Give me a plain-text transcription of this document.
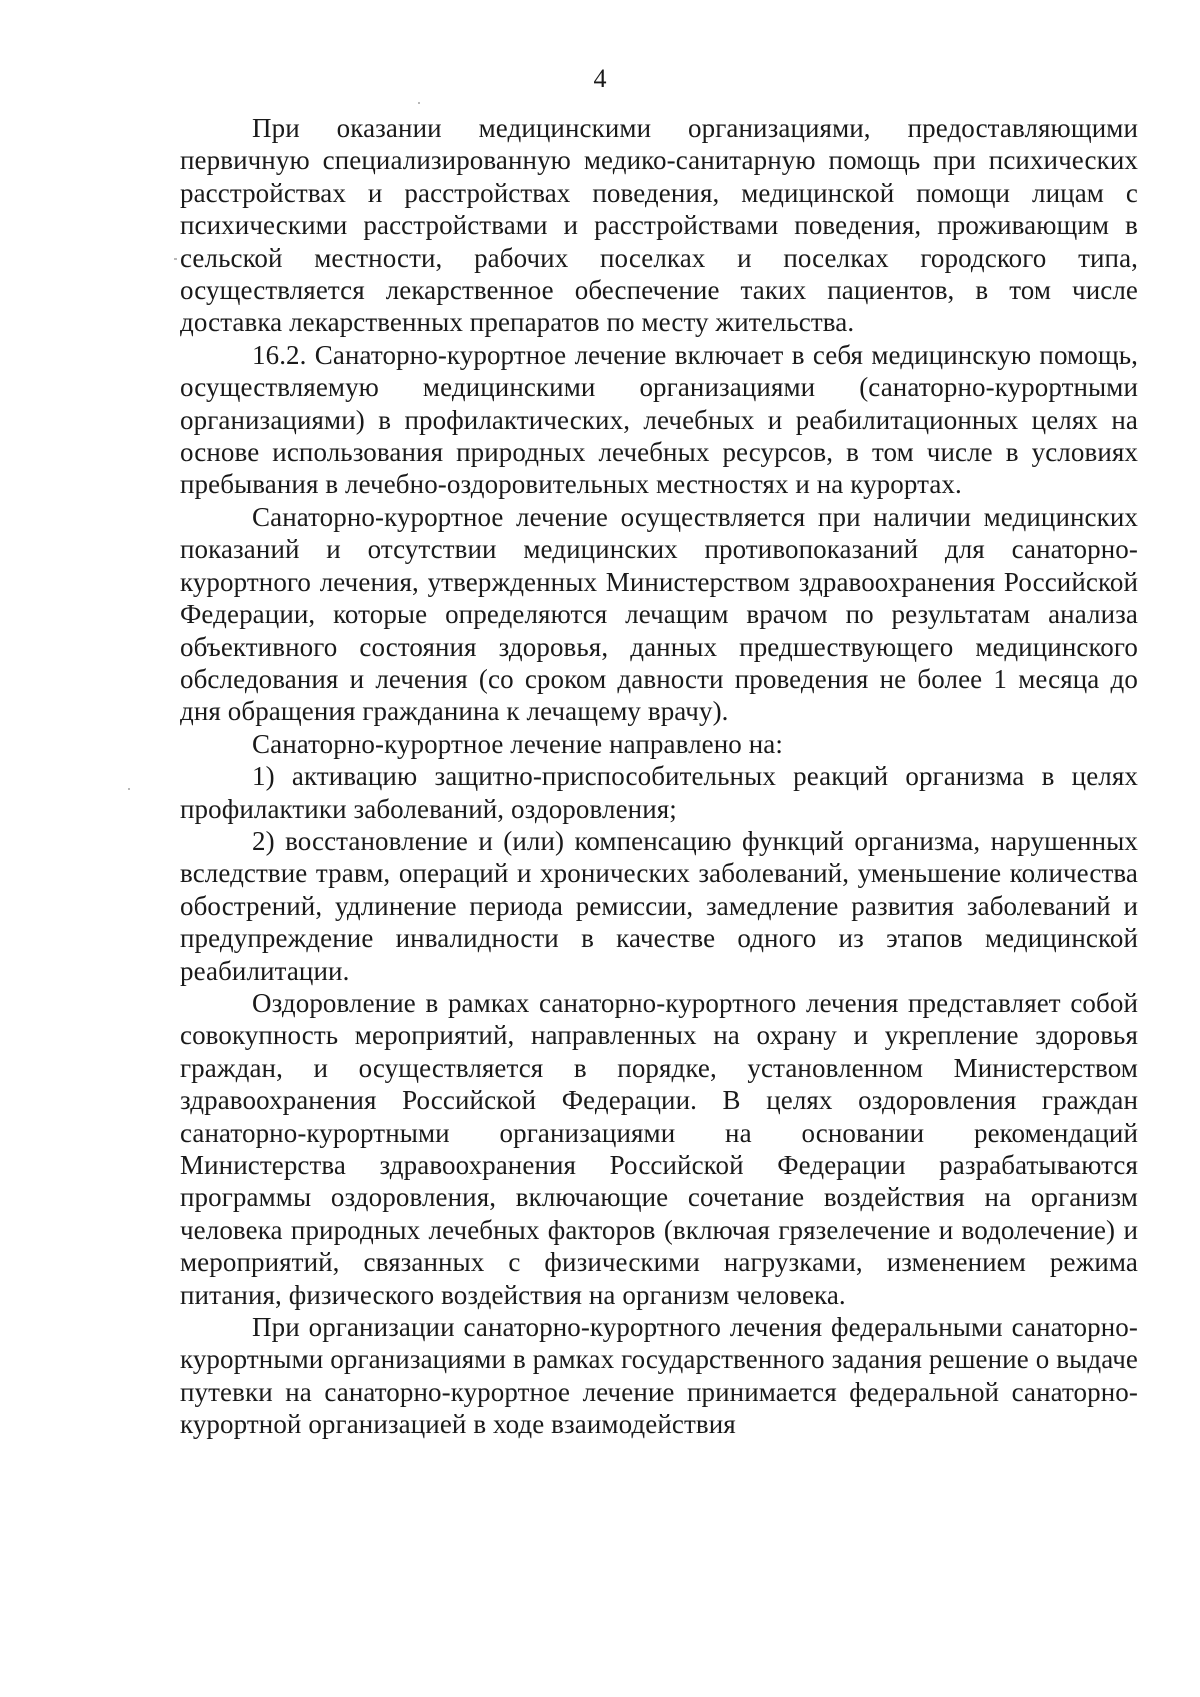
4

При оказании медицинскими организациями, предоставляющими первичную специализированную медико-санитарную помощь при психических расстройствах и расстройствах поведения, медицинской помощи лицам с психическими расстройствами и расстройствами поведения, проживающим в сельской местности, рабочих поселках и поселках городского типа, осуществляется лекарственное обеспечение таких пациентов, в том числе доставка лекарственных препаратов по месту жительства.

16.2. Санаторно-курортное лечение включает в себя медицинскую помощь, осуществляемую медицинскими организациями (санаторно-курортными организациями) в профилактических, лечебных и реабилитационных целях на основе использования природных лечебных ресурсов, в том числе в условиях пребывания в лечебно-оздоровительных местностях и на курортах.

Санаторно-курортное лечение осуществляется при наличии медицинских показаний и отсутствии медицинских противопоказаний для санаторно-курортного лечения, утвержденных Министерством здравоохранения Российской Федерации, которые определяются лечащим врачом по результатам анализа объективного состояния здоровья, данных предшествующего медицинского обследования и лечения (со сроком давности проведения не более 1 месяца до дня обращения гражданина к лечащему врачу).

Санаторно-курортное лечение направлено на:

1) активацию защитно-приспособительных реакций организма в целях профилактики заболеваний, оздоровления;

2) восстановление и (или) компенсацию функций организма, нарушенных вследствие травм, операций и хронических заболеваний, уменьшение количества обострений, удлинение периода ремиссии, замедление развития заболеваний и предупреждение инвалидности в качестве одного из этапов медицинской реабилитации.

Оздоровление в рамках санаторно-курортного лечения представляет собой совокупность мероприятий, направленных на охрану и укрепление здоровья граждан, и осуществляется в порядке, установленном Министерством здравоохранения Российской Федерации. В целях оздоровления граждан санаторно-курортными организациями на основании рекомендаций Министерства здравоохранения Российской Федерации разрабатываются программы оздоровления, включающие сочетание воздействия на организм человека природных лечебных факторов (включая грязелечение и водолечение) и мероприятий, связанных с физическими нагрузками, изменением режима питания, физического воздействия на организм человека.

При организации санаторно-курортного лечения федеральными санаторно-курортными организациями в рамках государственного задания решение о выдаче путевки на санаторно-курортное лечение принимается федеральной санаторно-курортной организацией в ходе взаимодействия
